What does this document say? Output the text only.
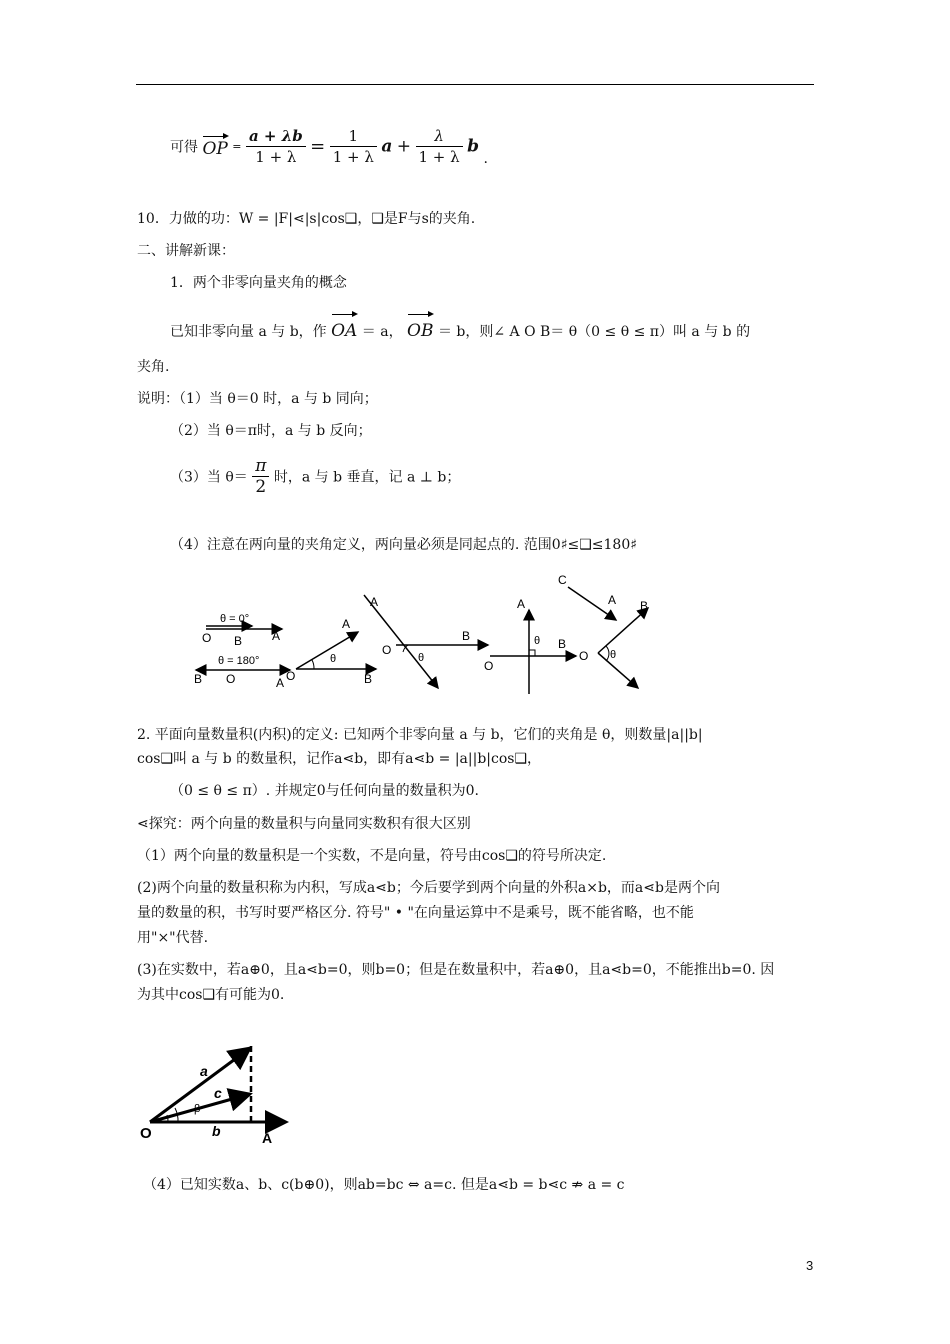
可得 OP = $\frac{a + \lambda b}{1 + \lambda} = \frac{1}{1 + \lambda}$ $a + \frac{\lambda}{1 + \lambda}$ b .
10．力做的功：W = |F|⋖|s|cos❑，❑是F与s的夹角.
二、讲解新课：
1．两个非零向量夹角的概念
已知非零向量 a 与 b，作 OA ＝ a， OB ＝ b，则∠ A O B＝ θ（0 ≤ θ ≤ π）叫 a 与 b 的
夹角.
说明：（1）当 θ＝0 时，a 与 b 同向；
（2）当 θ＝π时，a 与 b 反向；
（3）当 $\theta= \frac{\pi}{2}$ 时，a 与 b 垂直，记 a ⊥ b；
（4）注意在两向量的夹角定义，两向量必须是同起点的. 范围0♯≤❑≤180♯
θ = 0°
O B A
θ = 180°
B O	A O
A
B
θ
A
O
B
θ
A
O
B
θ
C
A B
O θ
2. 平面向量数量积(内积)的定义: 已知两个非零向量 a 与 b，它们的夹角是 θ，则数量|a||b|
cos❑叫 a 与 b 的数量积，记作a⋖b，即有a⋖b = |a||b|cos❑，
（0 ≤ θ ≤ π）. 并规定0与任何向量的数量积为0.
⋖探究：两个向量的数量积与向量同实数积有很大区别
（1）两个向量的数量积是一个实数，不是向量，符号由cos❑的符号所决定.
(2)两个向量的数量积称为内积，写成a⋖b；今后要学到两个向量的外积a×b，而a⋖b是两个向
量的数量的积，书写时要严格区分. 符号" • "在向量运算中不是乘号，既不能省略，也不能
用"×"代替.
(3)在实数中，若a⊕0，且a⋖b=0，则b=0；但是在数量积中，若a⊕0，且a⋖b=0，不能推出b=0. 因
为其中cos❑有可能为0.
O	A
a
c
b
β
（4）已知实数a、b、c(b⊕0)，则ab=bc ⇔ a=c. 但是a⋖b = b⋖c ⇏ a = c
3
